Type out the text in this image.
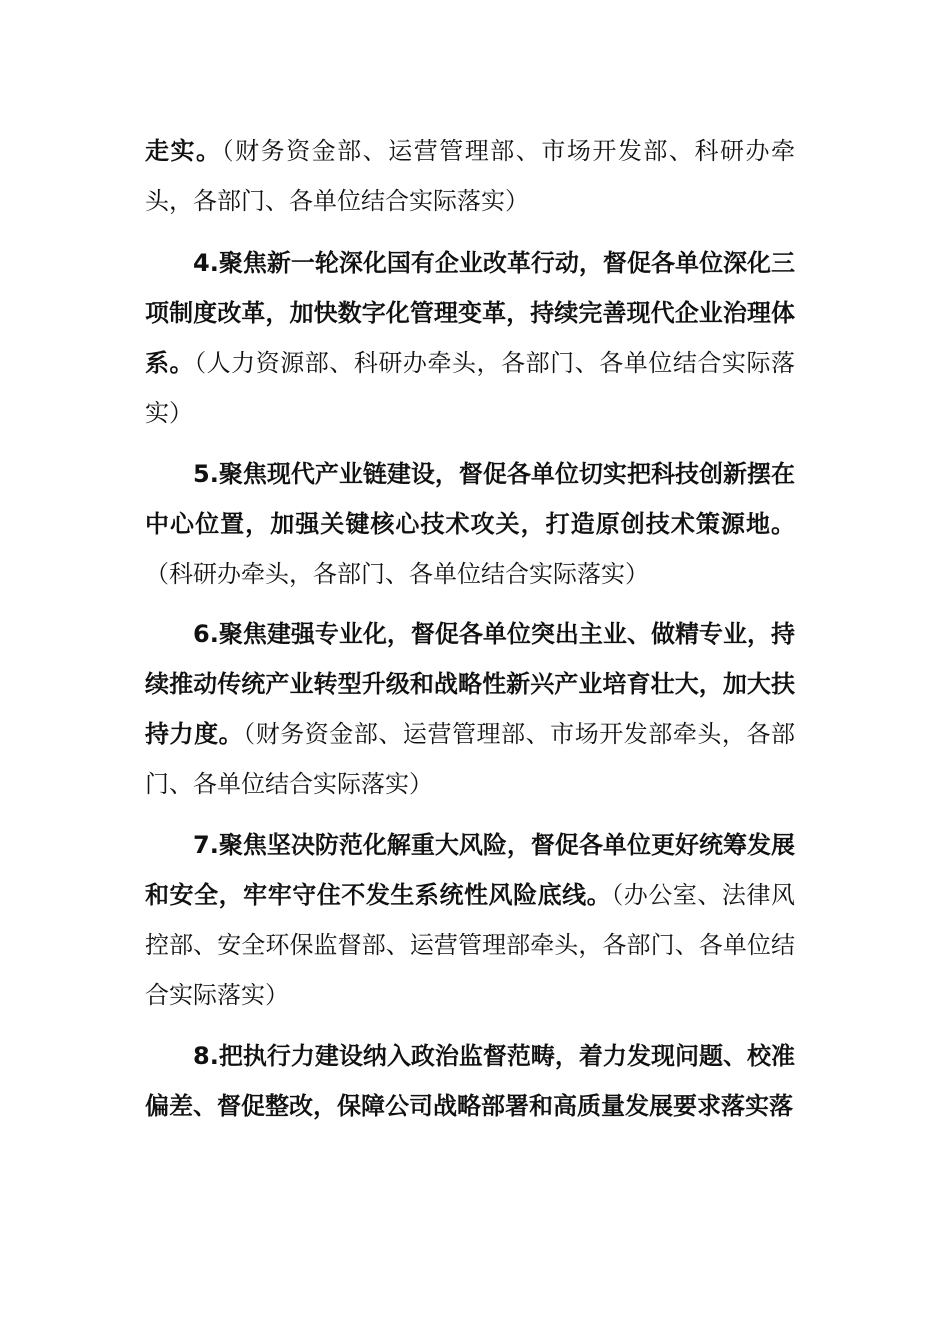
走实。（财务资金部、运营管理部、市场开发部、科研办牵头，各部门、各单位结合实际落实）

4.聚焦新一轮深化国有企业改革行动，督促各单位深化三项制度改革，加快数字化管理变革，持续完善现代企业治理体系。（人力资源部、科研办牵头，各部门、各单位结合实际落实）

5.聚焦现代产业链建设，督促各单位切实把科技创新摆在中心位置，加强关键核心技术攻关，打造原创技术策源地。（科研办牵头，各部门、各单位结合实际落实）

6.聚焦建强专业化，督促各单位突出主业、做精专业，持续推动传统产业转型升级和战略性新兴产业培育壮大，加大扶持力度。（财务资金部、运营管理部、市场开发部牵头，各部门、各单位结合实际落实）

7.聚焦坚决防范化解重大风险，督促各单位更好统筹发展和安全，牢牢守住不发生系统性风险底线。（办公室、法律风控部、安全环保监督部、运营管理部牵头，各部门、各单位结合实际落实）

8.把执行力建设纳入政治监督范畴，着力发现问题、校准偏差、督促整改，保障公司战略部署和高质量发展要求落实落
